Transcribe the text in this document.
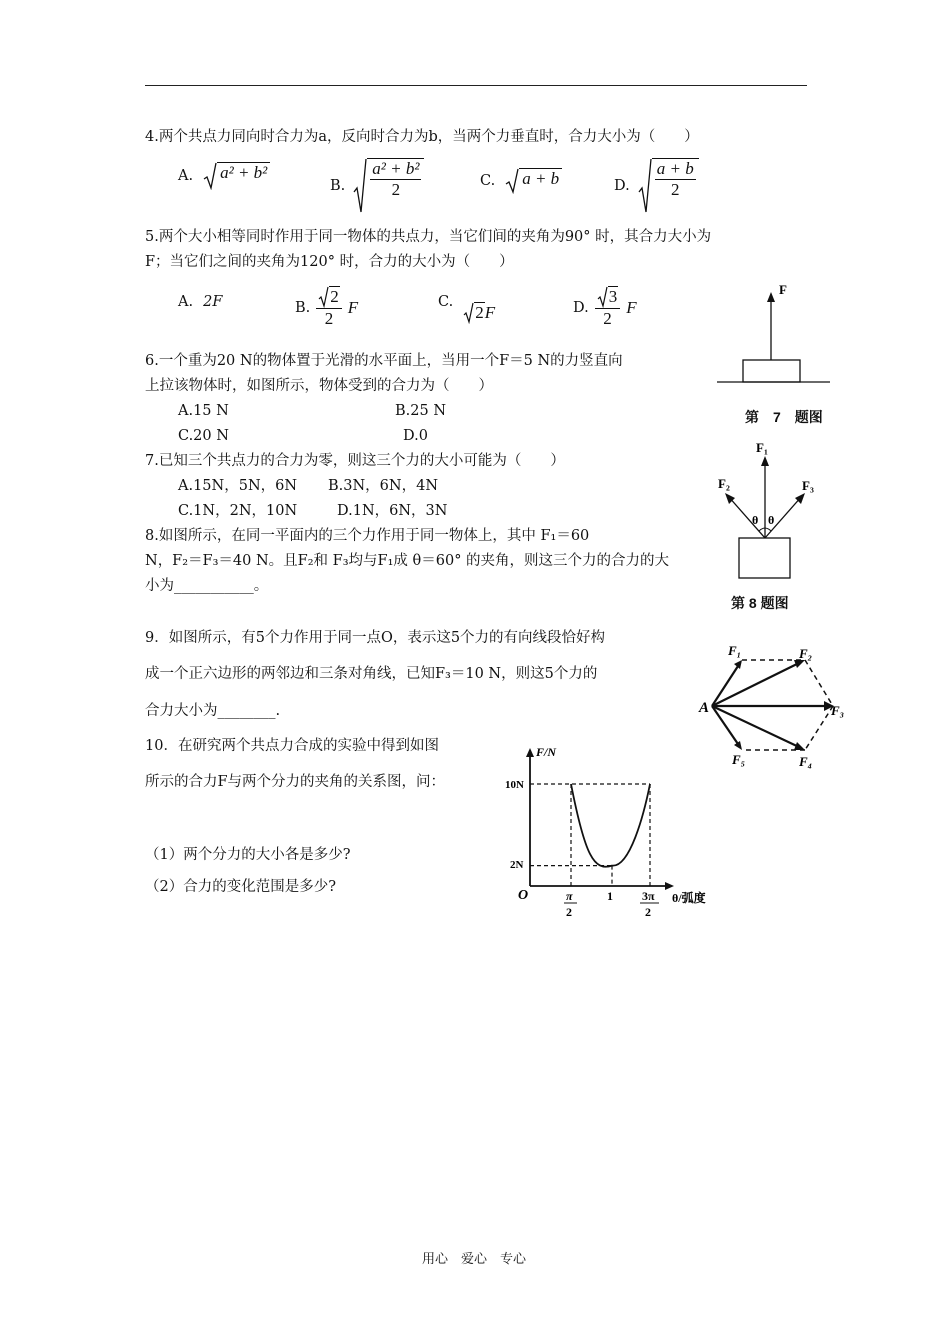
4.两个共点力同向时合力为a，反向时合力为b，当两个力垂直时，合力大小为（　　）
A. a² + b²
B. $\frac{\text{a² + b²}}{2}$	C. a + b	D. $\frac{a + b}{2}$
5.两个大小相等同时作用于同一物体的共点力，当它们间的夹角为90° 时，其合力大小为
F；当它们之间的夹角为120° 时，合力的大小为（　　）
A. 2F	B. $\frac{2}{2}$ F	C.
2 F	D. $\frac{3}{2}$ F
6.一个重为20 N的物体置于光滑的水平面上，当用一个F＝5 N的力竖直向
上拉该物体时，如图所示，物体受到的合力为（　　）
A.15 N	B.25 N
C.20 N	D.0
7.已知三个共点力的合力为零，则这三个力的大小可能为（　　）
A.15N，5N，6N B.3N，6N，4N
C.1N，2N，10N	D.1N，6N，3N
8.如图所示，在同一平面内的三个力作用于同一物体上，其中 F₁＝60
N，F₂＝F₃＝40 N。且F₂和 F₃均与F₁成 θ＝60° 的夹角，则这三个力的合力的大
小为___________。
9．如图所示，有5个力作用于同一点O，表示这5个力的有向线段恰好构
成一个正六边形的两邻边和三条对角线，已知F₃＝10 N，则这5个力的
合力大小为________.
10．在研究两个共点力合成的实验中得到如图
所示的合力F与两个分力的夹角的关系图，问：
（1）两个分力的大小各是多少?
（2）合力的变化范围是多少?
F
第　7　题图
F₁
F₂	F₃
θ θ
第 8 题图
A
F₁	F₂
F₃
F₄
F₅
F/N
θ/弧度
O
10N
2N
π
2
1 3π
2
用心　爱心　专心
